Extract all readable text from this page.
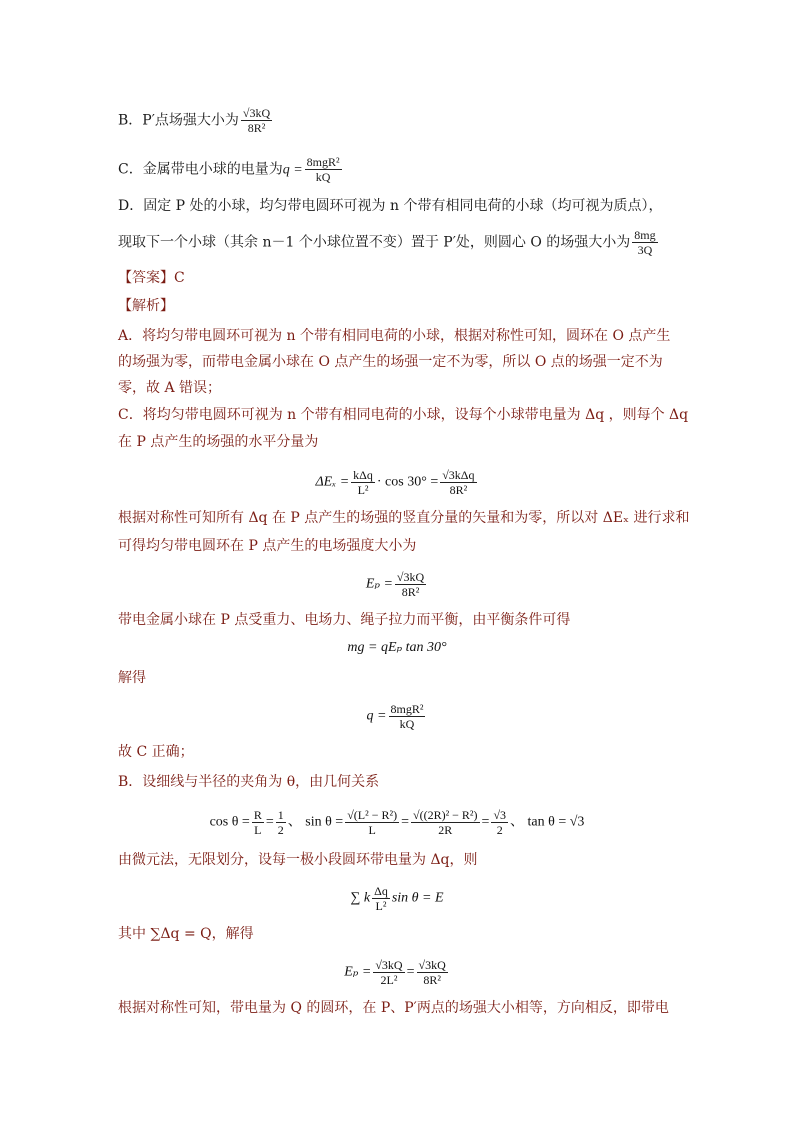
B．P′点场强大小为 $\frac{√3kQ}{\text{8R²}}$
C．金属带电小球的电量为$q = \frac{\text{8mgR²}}{kQ}$
D．固定 P 处的小球，均匀带电圆环可视为 n 个带有相同电荷的小球（均可视为质点），
现取下一个小球（其余 n－1 个小球位置不变）置于 P′处，则圆心 O 的场强大小为 $\frac{8mg}{3Q}$
【答案】C
【解析】
A．将均匀带电圆环可视为 n 个带有相同电荷的小球，根据对称性可知，圆环在 O 点产生
的场强为零，而带电金属小球在 O 点产生的场强一定不为零，所以 O 点的场强一定不为
零，故 A 错误；
C．将均匀带电圆环可视为 n 个带有相同电荷的小球，设每个小球带电量为 Δq ，则每个 Δq
在 P 点产生的场强的水平分量为
$\Delta E_x = \frac{\text{kΔq}}{\text{L²}} \cdot \cos 30^\circ = \frac{\text{√3kΔq}}{\text{8R²}}$
根据对称性可知所有 Δq 在 P 点产生的场强的竖直分量的矢量和为零，所以对 ΔEₓ 进行求和
可得均匀带电圆环在 P 点产生的电场强度大小为
$E_p = \frac{√3kQ}{\text{8R²}}$
带电金属小球在 P 点受重力、电场力、绳子拉力而平衡，由平衡条件可得
mg = qEₚ tan 30°
解得
$q = \frac{\text{8mgR²}}{kQ}$
故 C 正确；
B．设细线与半径的夹角为 θ，由几何关系
$\cos \theta = \frac{R}{L} = \frac{1}{2}$ 、 $\sin \theta = \frac{\text{√(L² − R²)}}{L} = \frac{\text{√((2R)² − R²)}}{2R} = \frac{√3}{2}$ 、 tan θ = √3
由微元法，无限划分，设每一极小段圆环带电量为 Δq，则
∑ k $\frac{\Delta q}{\text{L²}}$ sin θ = E
其中 ∑Δq = Q，解得
$E_p = \frac{√3kQ}{\text{2L²}} = \frac{√3kQ}{\text{8R²}}$
根据对称性可知，带电量为 Q 的圆环，在 P、P′两点的场强大小相等，方向相反，即带电
